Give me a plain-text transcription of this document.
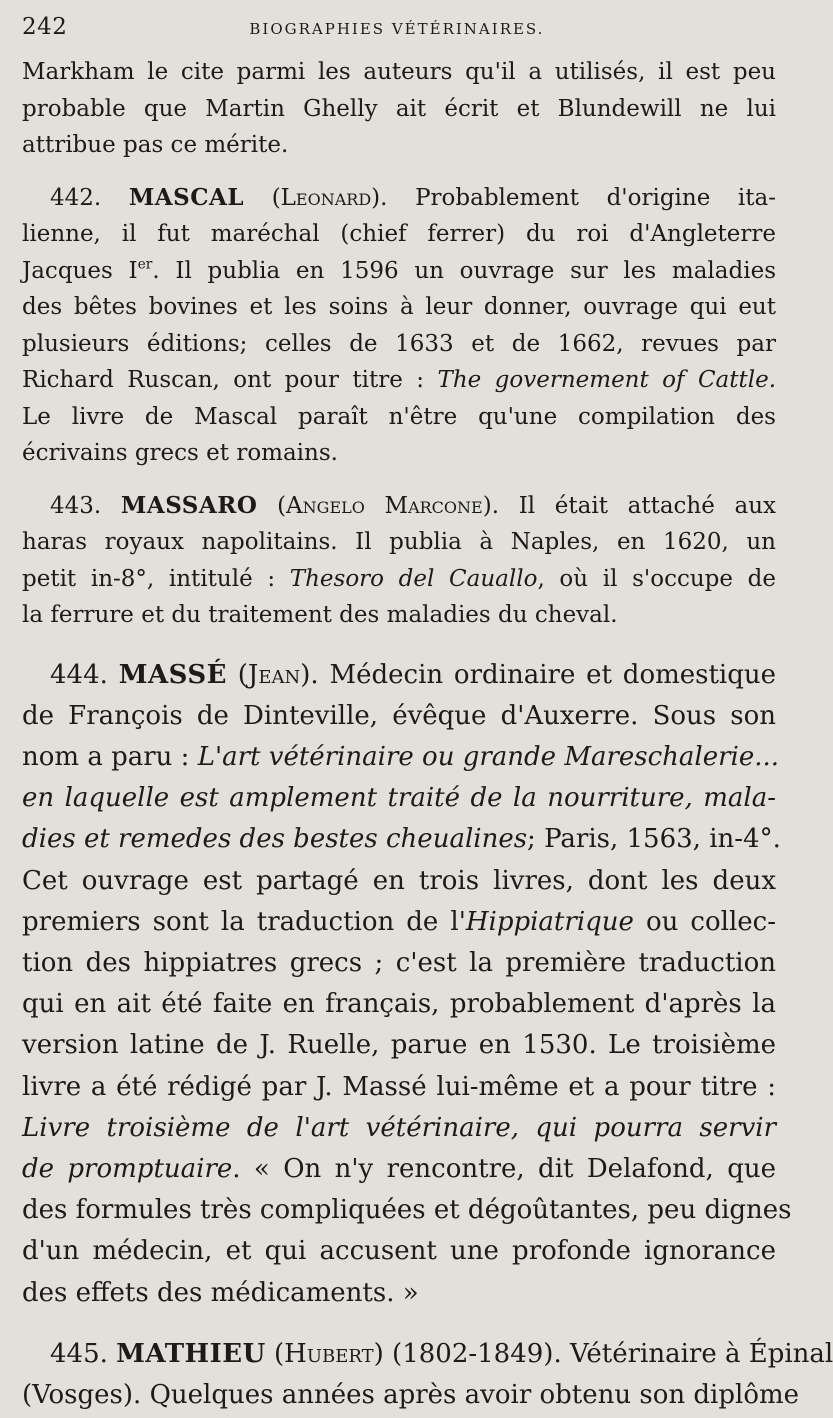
242	BIOGRAPHIES VÉTÉRINAIRES.
Markham le cite parmi les auteurs qu'il a utilisés, il est peu
probable que Martin Ghelly ait écrit et Blundewill ne lui
attribue pas ce mérite.
442. MASCAL (Leonard). Probablement d'origine ita-
lienne, il fut maréchal (chief ferrer) du roi d'Angleterre
Jacques Ier. Il publia en 1596 un ouvrage sur les maladies
des bêtes bovines et les soins à leur donner, ouvrage qui eut
plusieurs éditions; celles de 1633 et de 1662, revues par
Richard Ruscan, ont pour titre : The governement of Cattle.
Le livre de Mascal paraît n'être qu'une compilation des
écrivains grecs et romains.
443. MASSARO (Angelo Marcone). Il était attaché aux
haras royaux napolitains. Il publia à Naples, en 1620, un
petit in-8°, intitulé : Thesoro del Cauallo, où il s'occupe de
la ferrure et du traitement des maladies du cheval.
444. MASSÉ (Jean). Médecin ordinaire et domestique
de François de Dinteville, évêque d'Auxerre. Sous son
nom a paru : L'art vétérinaire ou grande Mareschalerie...
en laquelle est amplement traité de la nourriture, mala-
dies et remedes des bestes cheualines; Paris, 1563, in-4°.
Cet ouvrage est partagé en trois livres, dont les deux
premiers sont la traduction de l'Hippiatrique ou collec-
tion des hippiatres grecs ; c'est la première traduction
qui en ait été faite en français, probablement d'après la
version latine de J. Ruelle, parue en 1530. Le troisième
livre a été rédigé par J. Massé lui-même et a pour titre :
Livre troisième de l'art vétérinaire, qui pourra servir
de promptuaire. « On n'y rencontre, dit Delafond, que
des formules très compliquées et dégoûtantes, peu dignes
d'un médecin, et qui accusent une profonde ignorance
des effets des médicaments. »
445. MATHIEU (Hubert) (1802-1849). Vétérinaire à Épinal
(Vosges). Quelques années après avoir obtenu son diplôme
